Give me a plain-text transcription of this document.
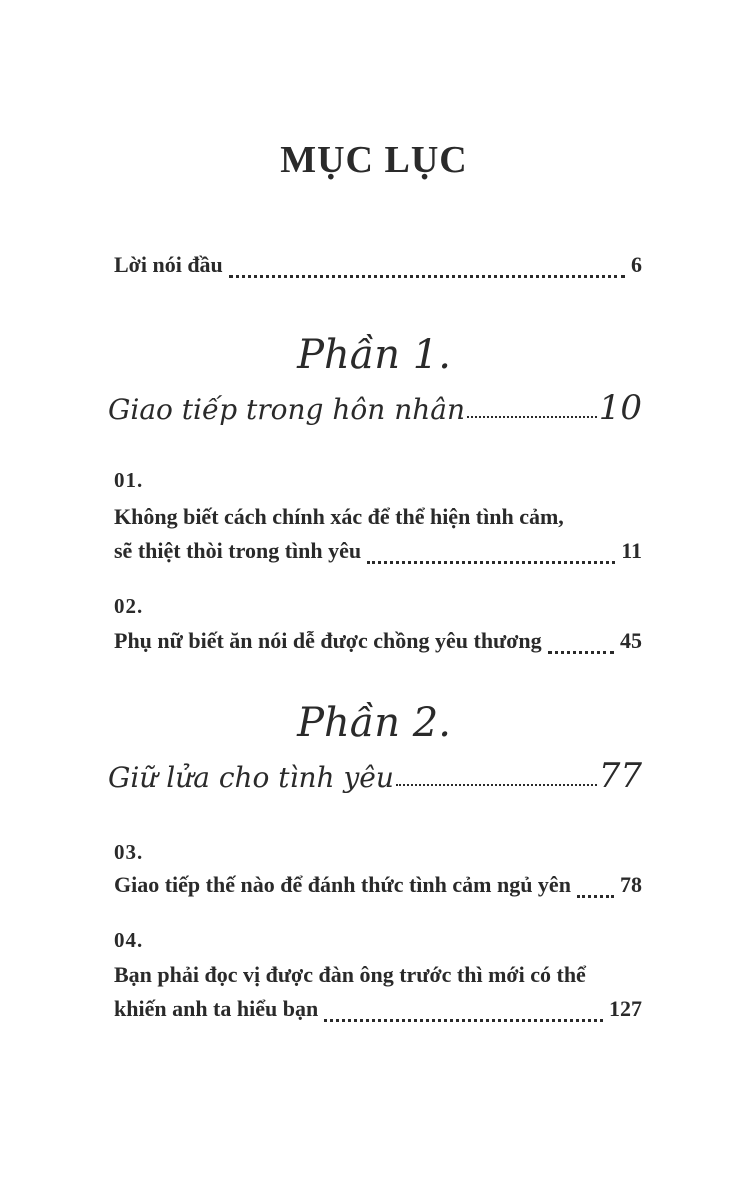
MỤC LỤC
Lời nói đầu	6
Phần 1.
Giao tiếp trong hôn nhân	10
01.
Không biết cách chính xác để thể hiện tình cảm,
sẽ thiệt thòi trong tình yêu	11
02.
Phụ nữ biết ăn nói dễ được chồng yêu thương	45
Phần 2.
Giữ lửa cho tình yêu	77
03.
Giao tiếp thế nào để đánh thức tình cảm ngủ yên 78
04.
Bạn phải đọc vị được đàn ông trước thì mới có thể
khiến anh ta hiểu bạn	127
